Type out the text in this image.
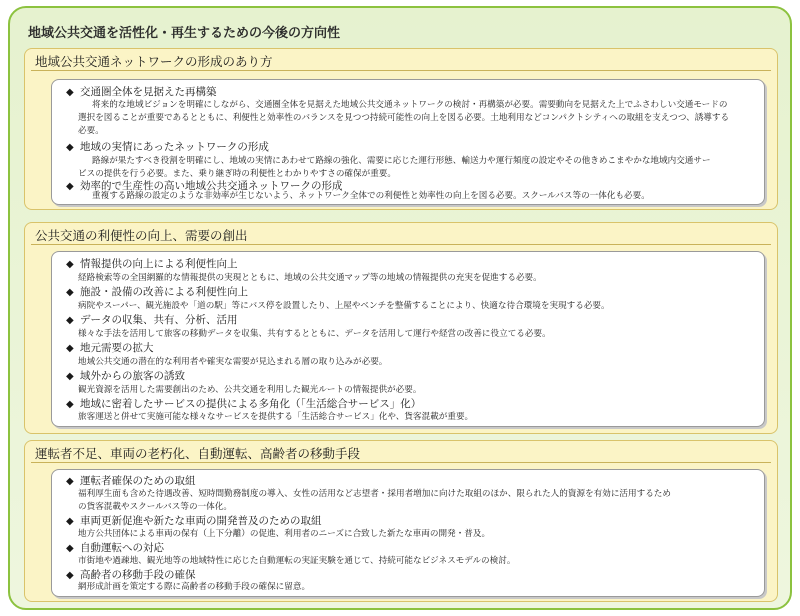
地域公共交通を活性化・再生するための今後の方向性
地域公共交通ネットワークの形成のあり方
◆ 交通圏全体を見据えた再構築
将来的な地域ビジョンを明確にしながら、交通圏全体を見据えた地域公共交通ネットワークの検討・再構築が必要。需要動向を見据えた上でふさわしい交通モードの
選択を図ることが重要であるとともに、利便性と効率性のバランスを見つつ持続可能性の向上を図る必要。土地利用などコンパクトシティへの取組を支えつつ、誘導する
必要。
◆ 地域の実情にあったネットワークの形成
路線が果たすべき役割を明確にし、地域の実情にあわせて路線の強化、需要に応じた運行形態、輸送力や運行頻度の設定やその他きめこまやかな地域内交通サー
ビスの提供を行う必要。また、乗り継ぎ時の利便性とわかりやすさの確保が重要。
◆ 効率的で生産性の高い地域公共交通ネットワークの形成
重複する路線の設定のような非効率が生じないよう、ネットワーク全体での利便性と効率性の向上を図る必要。スクールバス等の一体化も必要。
公共交通の利便性の向上、需要の創出
◆ 情報提供の向上による利便性向上
経路検索等の全国網羅的な情報提供の実現とともに、地域の公共交通マップ等の地域の情報提供の充実を促進する必要。
◆ 施設・設備の改善による利便性向上
病院やスーパー、観光施設や「道の駅」等にバス停を設置したり、上屋やベンチを整備することにより、快適な待合環境を実現する必要。
◆ データの収集、共有、分析、活用
様々な手法を活用して旅客の移動データを収集、共有するとともに、データを活用して運行や経営の改善に役立てる必要。
◆ 地元需要の拡大
地域公共交通の潜在的な利用者や確実な需要が見込まれる層の取り込みが必要。
◆ 域外からの旅客の誘致
観光資源を活用した需要創出のため、公共交通を利用した観光ルートの情報提供が必要。
◆ 地域に密着したサービスの提供による多角化（「生活総合サービス」化）
旅客運送と併せて実施可能な様々なサービスを提供する「生活総合サービス」化や、貨客混載が重要。
運転者不足、車両の老朽化、自動運転、高齢者の移動手段
◆ 運転者確保のための取組
福利厚生面も含めた待遇改善、短時間勤務制度の導入、女性の活用など志望者・採用者増加に向けた取組のほか、限られた人的資源を有効に活用するため
の貨客混載やスクールバス等の一体化。
◆ 車両更新促進や新たな車両の開発普及のための取組
地方公共団体による車両の保有（上下分離）の促進、利用者のニーズに合致した新たな車両の開発・普及。
◆ 自動運転への対応
市街地や過疎地、観光地等の地域特性に応じた自動運転の実証実験を通じて、持続可能なビジネスモデルの検討。
◆ 高齢者の移動手段の確保
網形成計画を策定する際に高齢者の移動手段の確保に留意。
